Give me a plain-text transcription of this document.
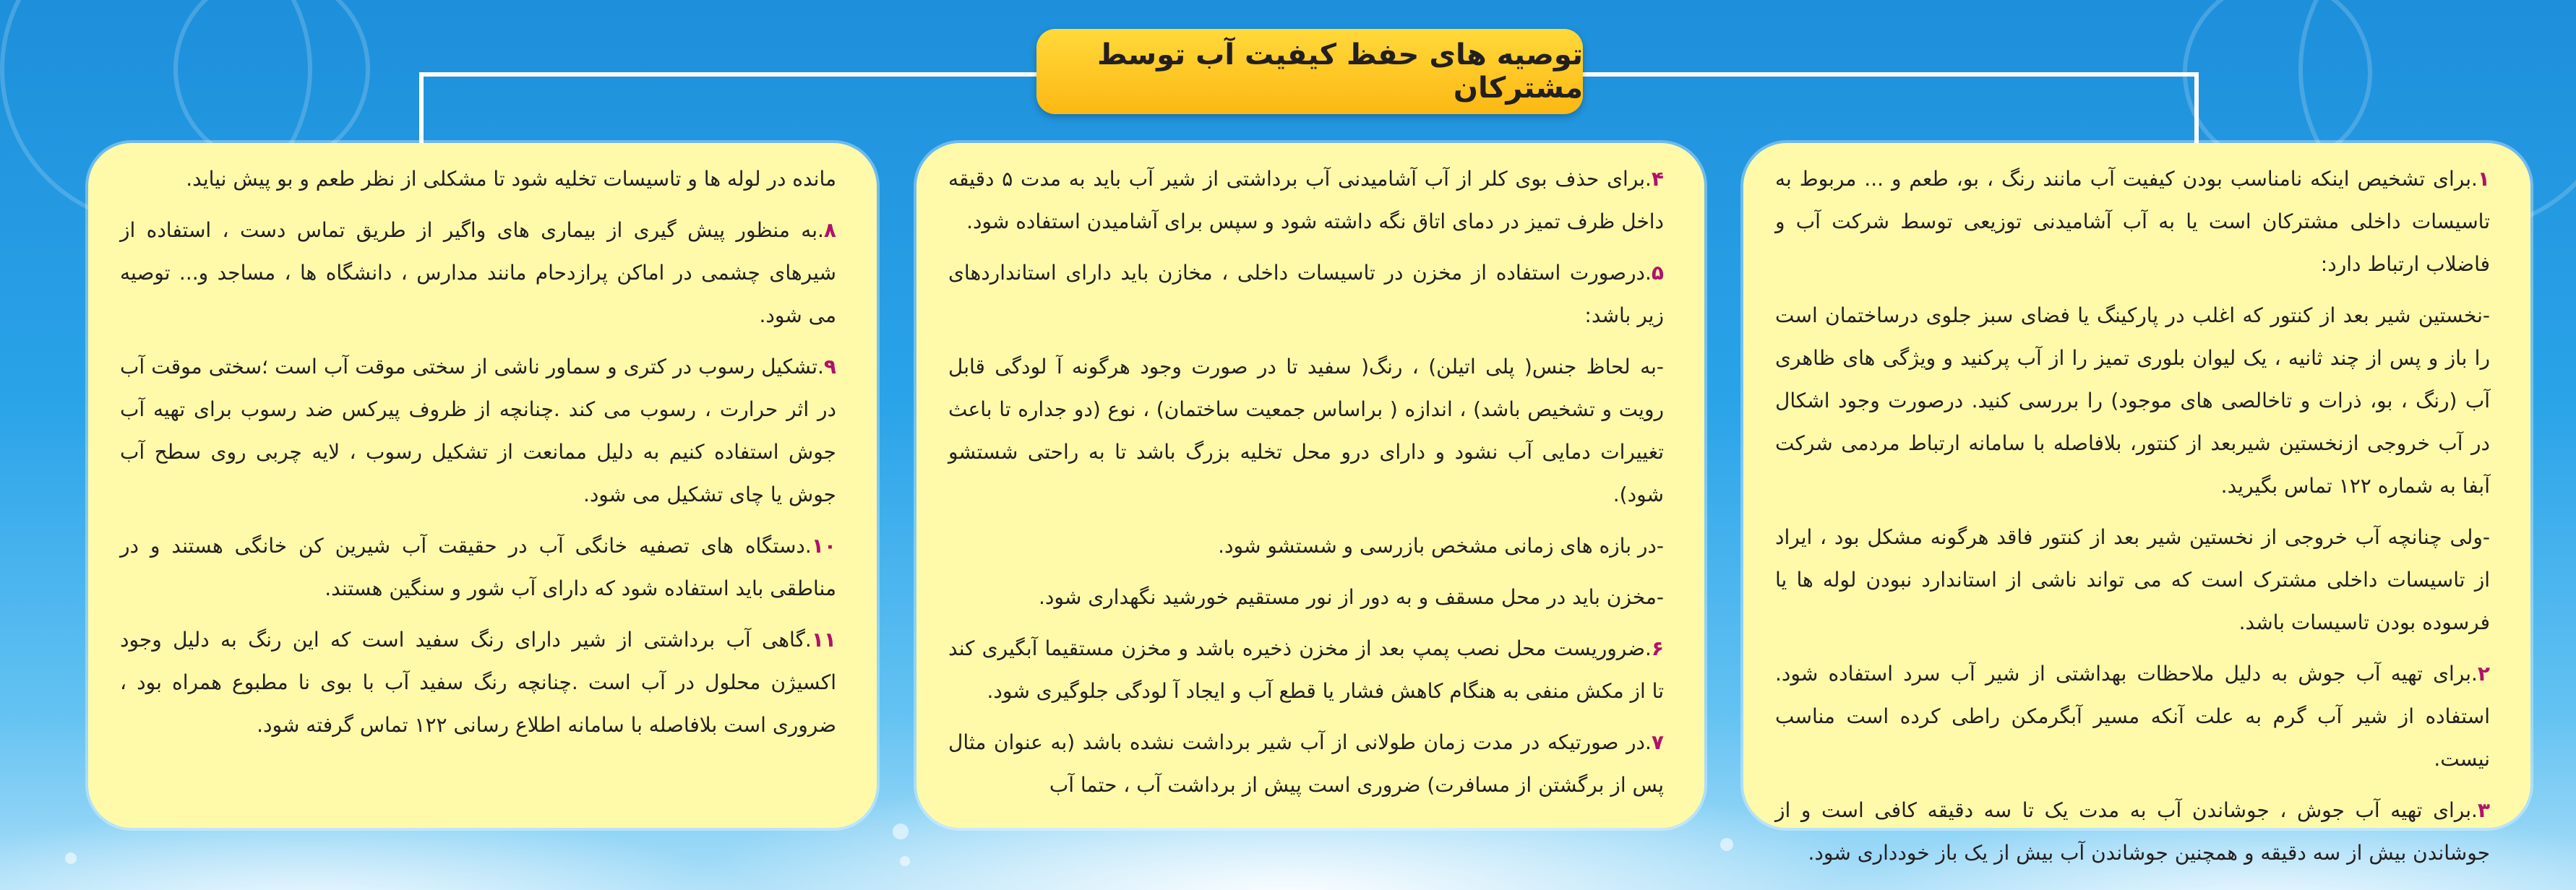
توصیه های حفظ کیفیت آب توسط مشترکان

۱.برای تشخیص اینکه نامناسب بودن کیفیت آب مانند رنگ ، بو، طعم و ... مربوط به تاسیسات داخلی مشترکان است یا به آب آشامیدنی توزیعی توسط شرکت آب و فاضلاب ارتباط دارد:

-نخستین شیر بعد از کنتور که اغلب در پارکینگ یا فضای سبز جلوی درساختمان است را باز و پس از چند ثانیه ، یک لیوان بلوری تمیز را از آب پرکنید و ویژگی های ظاهری آب (رنگ ، بو، ذرات و تاخالصی های موجود) را بررسی کنید. درصورت وجود اشکال در آب خروجی ازنخستین شیربعد از کنتور، بلافاصله با سامانه ارتباط مردمی شرکت آبفا به شماره ۱۲۲ تماس بگیرید.

-ولی چنانچه آب خروجی از نخستین شیر بعد از کنتور فاقد هرگونه مشکل بود ، ایراد از تاسیسات داخلی مشترک است که می تواند ناشی از استاندارد نبودن لوله ها یا فرسوده بودن تاسیسات باشد.

۲.برای تهیه آب جوش به دلیل ملاحظات بهداشتی از شیر آب سرد استفاده شود. استفاده از شیر آب گرم به علت آنکه مسیر آبگرمکن راطی کرده است مناسب نیست.

۳.برای تهیه آب جوش ، جوشاندن آب به مدت یک تا سه دقیقه کافی است و از جوشاندن بیش از سه دقیقه و همچنین جوشاندن آب بیش از یک باز خودداری شود.

۴.برای حذف بوی کلر از آب آشامیدنی آب برداشتی از شیر آب باید به مدت ۵ دقیقه داخل ظرف تمیز در دمای اتاق نگه داشته شود و سپس برای آشامیدن استفاده شود.

۵.درصورت استفاده از مخزن در تاسیسات داخلی ، مخازن باید دارای استانداردهای زیر باشد:

-به لحاظ جنس( پلی اتیلن) ، رنگ( سفید تا در صورت وجود هرگونه آ لودگی قابل رویت و تشخیص باشد) ، اندازه ( براساس جمعیت ساختمان) ، نوع (دو جداره تا باعث تغییرات دمایی آب نشود و دارای درو محل تخلیه بزرگ باشد تا به راحتی شستشو شود).

-در بازه های زمانی مشخص بازرسی و شستشو شود.

-مخزن باید در محل مسقف و به دور از نور مستقیم خورشید نگهداری شود.

۶.ضروریست محل نصب پمپ بعد از مخزن ذخیره باشد و مخزن مستقیما آبگیری کند تا از مکش منفی به هنگام کاهش فشار یا قطع آب و ایجاد آ لودگی جلوگیری شود.

۷.در صورتیکه در مدت زمان طولانی از آب شیر برداشت نشده باشد (به عنوان مثال پس از برگشتن از مسافرت) ضروری است پیش از برداشت آب ، حتما آب

مانده در لوله ها و تاسیسات تخلیه شود تا مشکلی از نظر طعم و بو پیش نیاید.

۸.به منظور پیش گیری از بیماری های واگیر از طریق تماس دست ، استفاده از شیرهای چشمی در اماکن پرازدحام مانند مدارس ، دانشگاه ها ، مساجد و... توصیه می شود.

۹.تشکیل رسوب در کتری و سماور ناشی از سختی موقت آب است ؛سختی موقت آب در اثر حرارت ، رسوب می کند .چنانچه از ظروف پیرکس ضد رسوب برای تهیه آب جوش استفاده کنیم به دلیل ممانعت از تشکیل رسوب ، لایه چربی روی سطح آب جوش یا چای تشکیل می شود.

۱۰.دستگاه های تصفیه خانگی آب در حقیقت آب شیرین کن خانگی هستند و در مناطقی باید استفاده شود که دارای آب شور و سنگین هستند.

۱۱.گاهی آب برداشتی از شیر دارای رنگ سفید است که این رنگ به دلیل وجود اکسیژن محلول در آب است .چنانچه رنگ سفید آب با بوی نا مطبوع همراه بود ، ضروری است بلافاصله با سامانه اطلاع رسانی ۱۲۲ تماس گرفته شود.
